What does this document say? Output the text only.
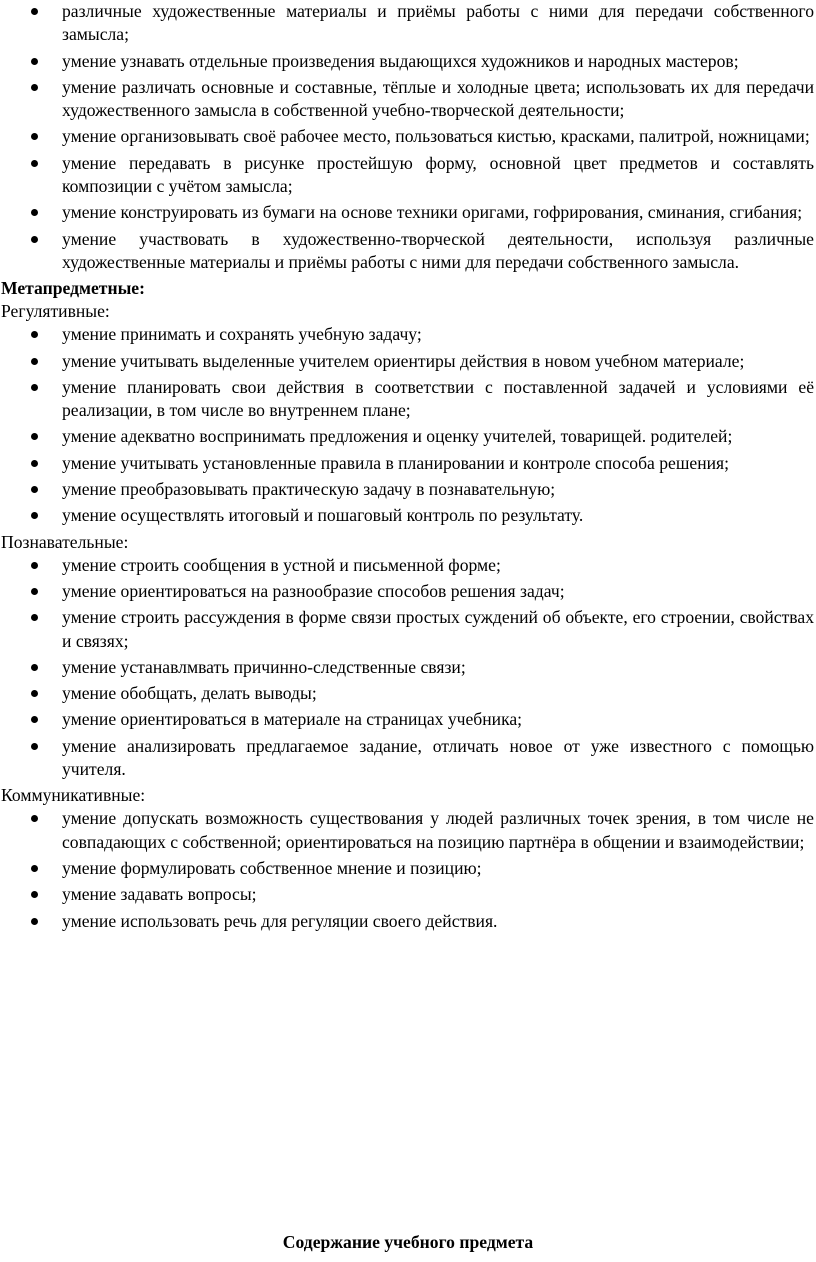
различные художественные материалы и приёмы работы с ними для передачи собственного замысла;
умение узнавать отдельные произведения выдающихся художников и народных мастеров;
умение различать основные и составные, тёплые и холодные цвета; использовать их для передачи художественного замысла в собственной учебно-творческой деятельности;
умение организовывать своё рабочее место, пользоваться кистью, красками, палитрой, ножницами;
умение передавать в рисунке простейшую форму, основной цвет предметов и составлять композиции с учётом замысла;
умение конструировать из бумаги на основе техники оригами, гофрирования, сминания, сгибания;
умение участвовать в художественно-творческой деятельности, используя различные художественные материалы и приёмы работы с ними для передачи собственного замысла.

Метапредметные:

Регулятивные:

умение принимать и сохранять учебную задачу;
умение учитывать выделенные учителем ориентиры действия в новом учебном материале;
умение планировать свои действия в соответствии с поставленной задачей и условиями её реализации, в том числе во внутреннем плане;
умение адекватно воспринимать предложения и оценку учителей, товарищей. родителей;
умение учитывать установленные правила в планировании и контроле способа решения;
умение преобразовывать практическую задачу в познавательную;
умение осуществлять итоговый и пошаговый контроль по результату.

Познавательные:

умение строить сообщения в устной и письменной форме;
умение ориентироваться на разнообразие способов решения задач;
умение строить рассуждения в форме связи простых суждений об объекте, его строении, свойствах и связях;
умение устанавлмвать причинно-следственные связи;
умение обобщать, делать выводы;
умение ориентироваться в материале на страницах учебника;
умение анализировать предлагаемое задание, отличать новое от уже известного с помощью учителя.

Коммуникативные:

умение допускать возможность существования у людей различных точек зрения, в том числе не совпадающих с собственной; ориентироваться на позицию партнёра в общении и взаимодействии;
умение формулировать собственное мнение и позицию;
умение задавать вопросы;
умение использовать речь для регуляции своего действия.

Содержание учебного предмета
